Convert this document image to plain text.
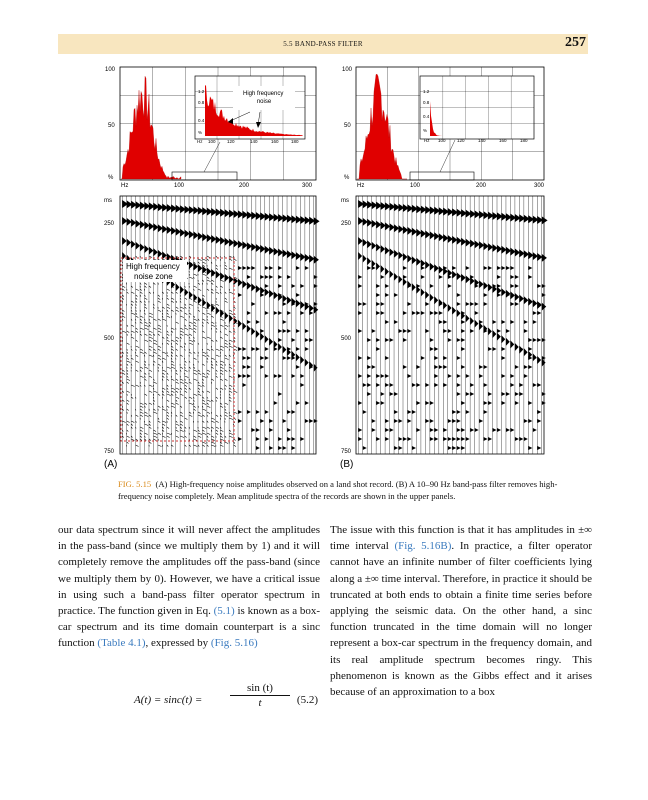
5.5 BAND-PASS FILTER	257
100
50
%
Hz	100	200	300
High frequency noise
1.2
0.8
0.4
%
Hz 100	120	140	160	180
100
50
%
Hz	100	200	300
1.2
0.8
0.4
%
Hz 100	120	140	160	180
High frequency noise zone
ms
250
500
750
(A)
ms
250
500
750
(B)
FIG. 5.15 (A) High-frequency noise amplitudes observed on a land shot record. (B) A 10–90 Hz band-pass filter removes high-frequency noise completely. Mean amplitude spectra of the records are shown in the upper panels.
our data spectrum since it will never affect the amplitudes in the pass-band (since we multiply them by 1) and it will completely remove the amplitudes off the pass-band (since we multiply them by 0). However, we have a critical issue in using such a band-pass filter operator spectrum in practice. The function given in Eq. (5.1) is known as a box-car spectrum and its time domain counterpart is a sinc function (Table 4.1), expressed by (Fig. 5.16)
A(t) = sinc(t) =	$\frac{\sin (t)}{t} (5.2)$
The issue with this function is that it has amplitudes in ±∞ time interval (Fig. 5.16B). In practice, a filter operator cannot have an infinite number of filter coefficients lying along a ±∞ time interval. Therefore, in practice it should be truncated at both ends to obtain a finite time series before applying the seismic data. On the other hand, a sinc function truncated in the time domain will no longer represent a box-car spectrum in the frequency domain, and its real amplitude spectrum becomes ringy. This phenomenon is known as the Gibbs effect and it arises because of an approximation to a box
